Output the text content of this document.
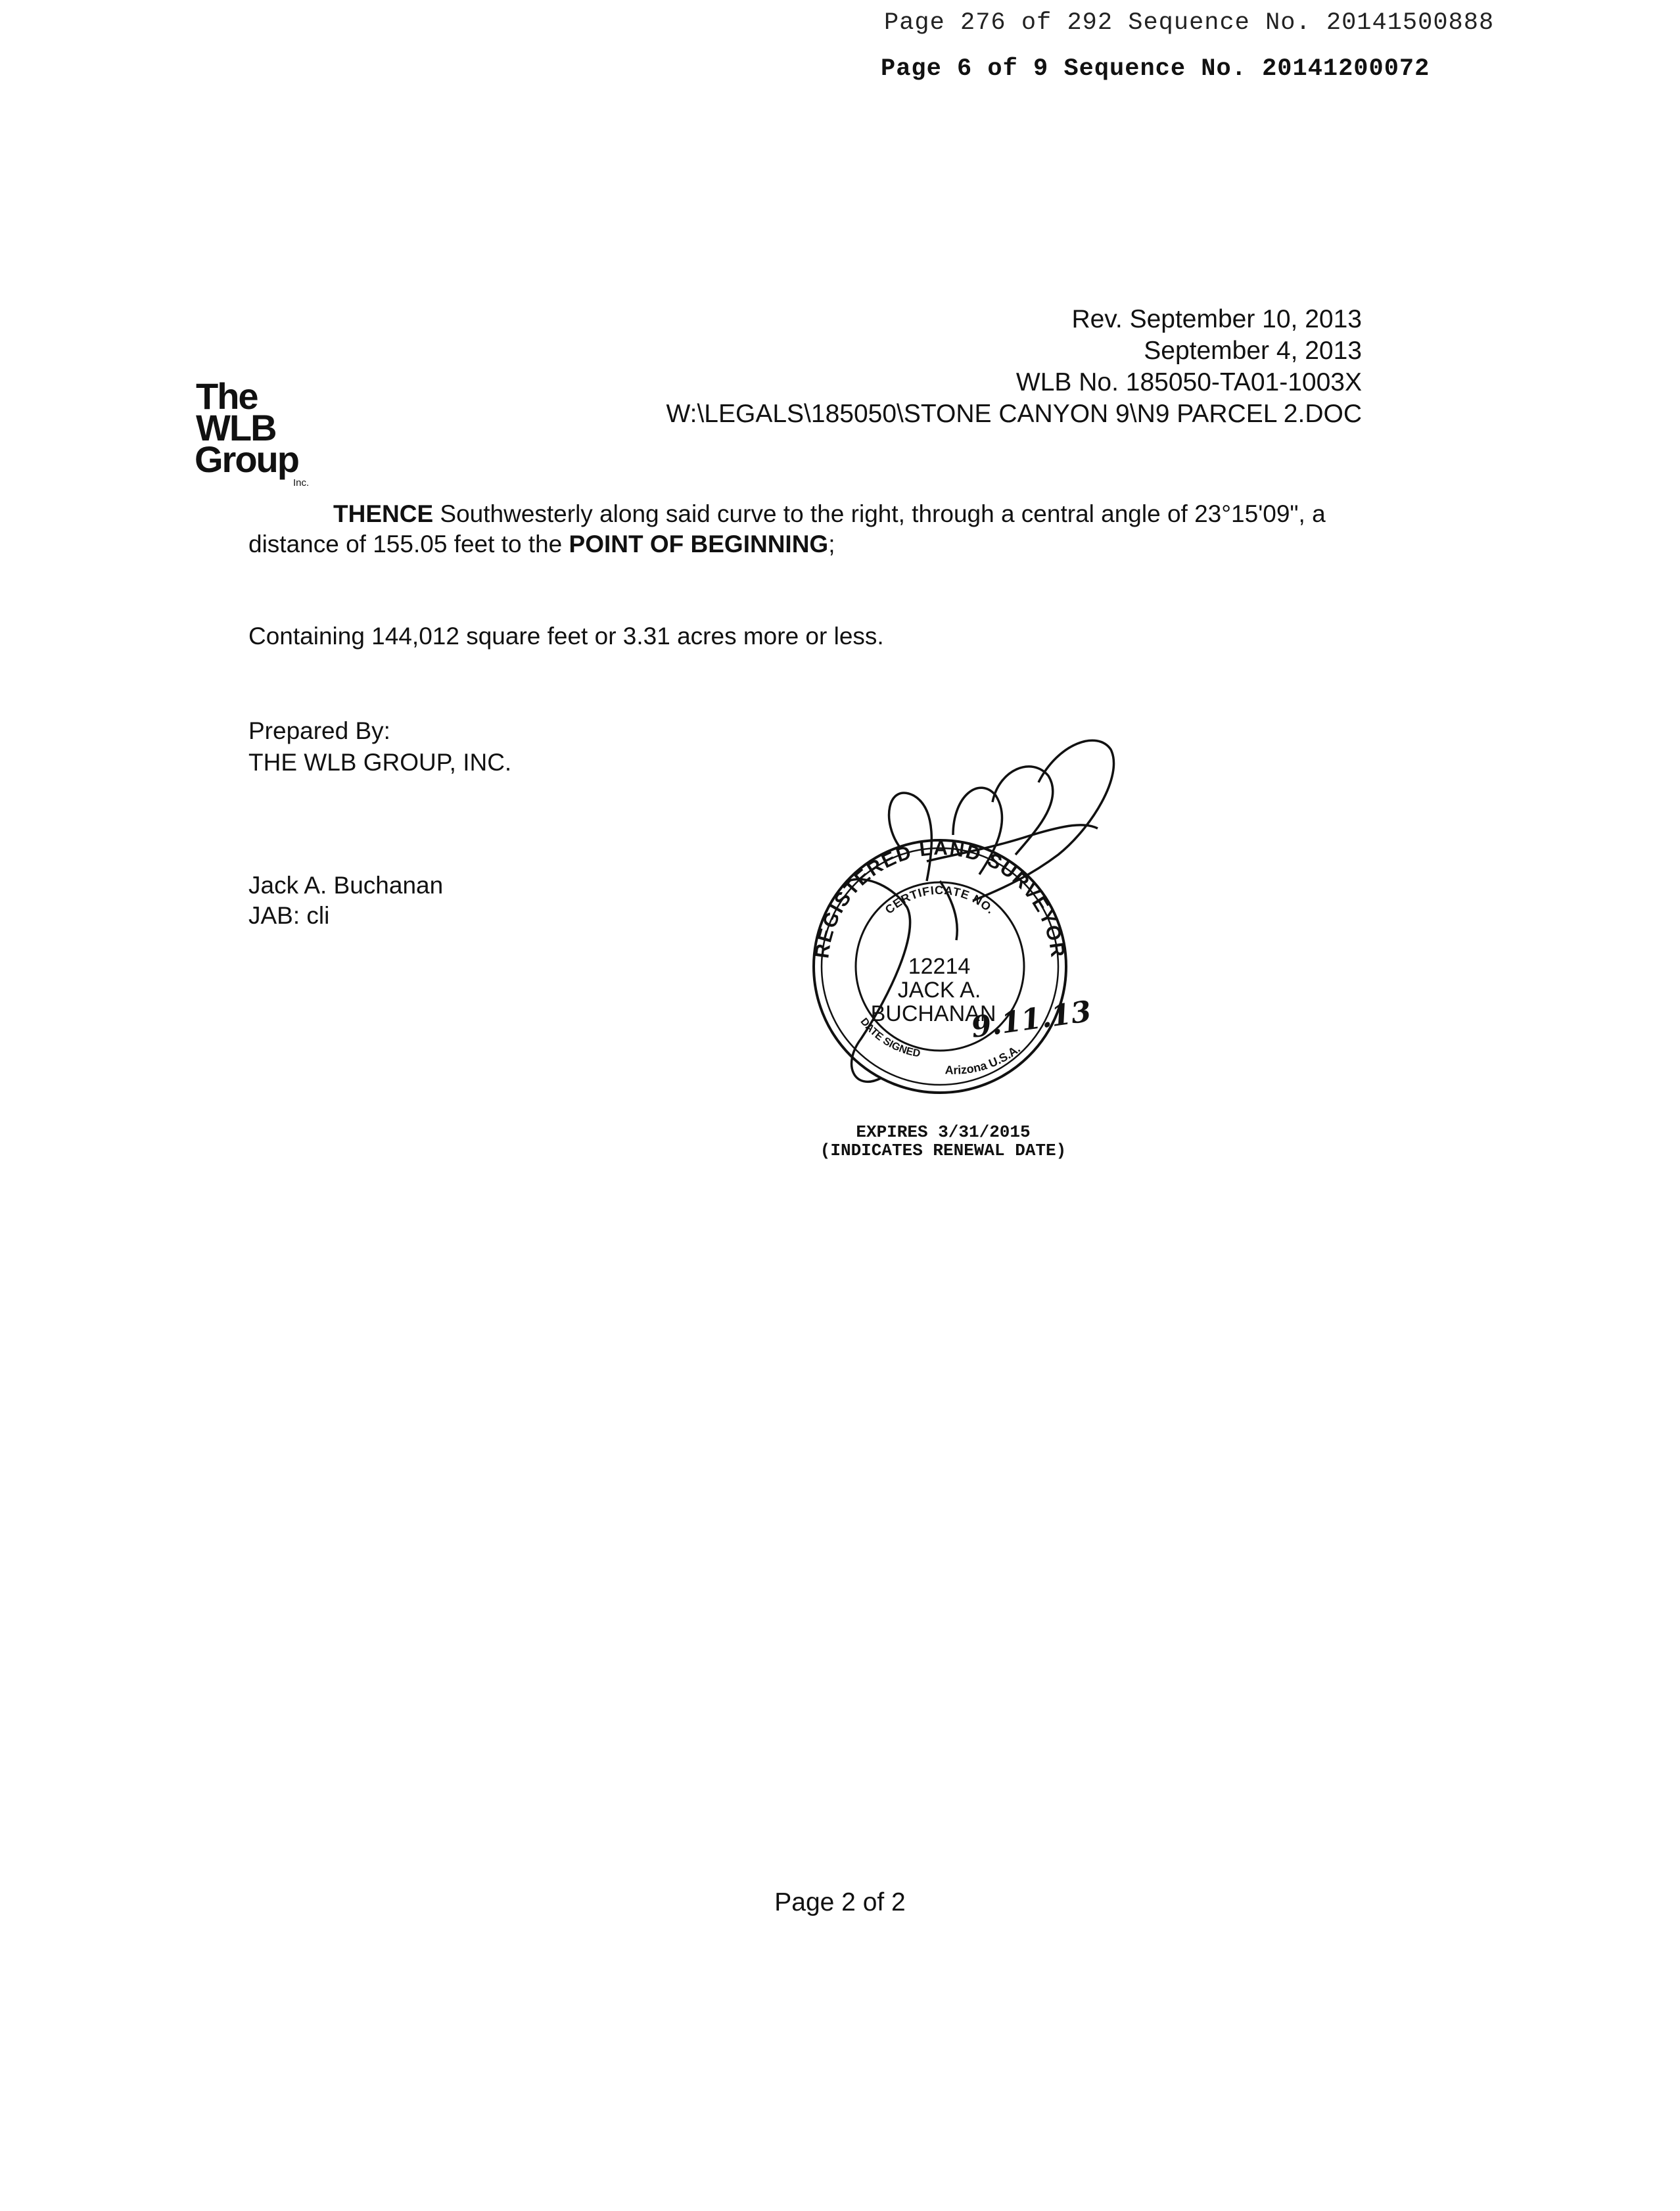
Page 276 of 292 Sequence No. 20141500888
Page 6 of 9 Sequence No. 20141200072
Rev. September 10, 2013
September 4, 2013
WLB No. 185050-TA01-1003X
W:\LEGALS\185050\STONE CANYON 9\N9 PARCEL 2.DOC
The
WLB
Group
Inc.
THENCE Southwesterly along said curve to the right, through a central angle of 23°15'09", a
distance of 155.05 feet to the POINT OF BEGINNING;
Containing 144,012 square feet or 3.31 acres more or less.
Prepared By:
THE WLB GROUP, INC.
Jack A. Buchanan
JAB: cli
REGISTERED LAND SURVEYOR
CERTIFICATE NO.
DATE SIGNED
Arizona U.S.A.
9.11.13
12214
JACK A.
BUCHANAN
EXPIRES 3/31/2015
(INDICATES RENEWAL DATE)
Page 2 of 2
